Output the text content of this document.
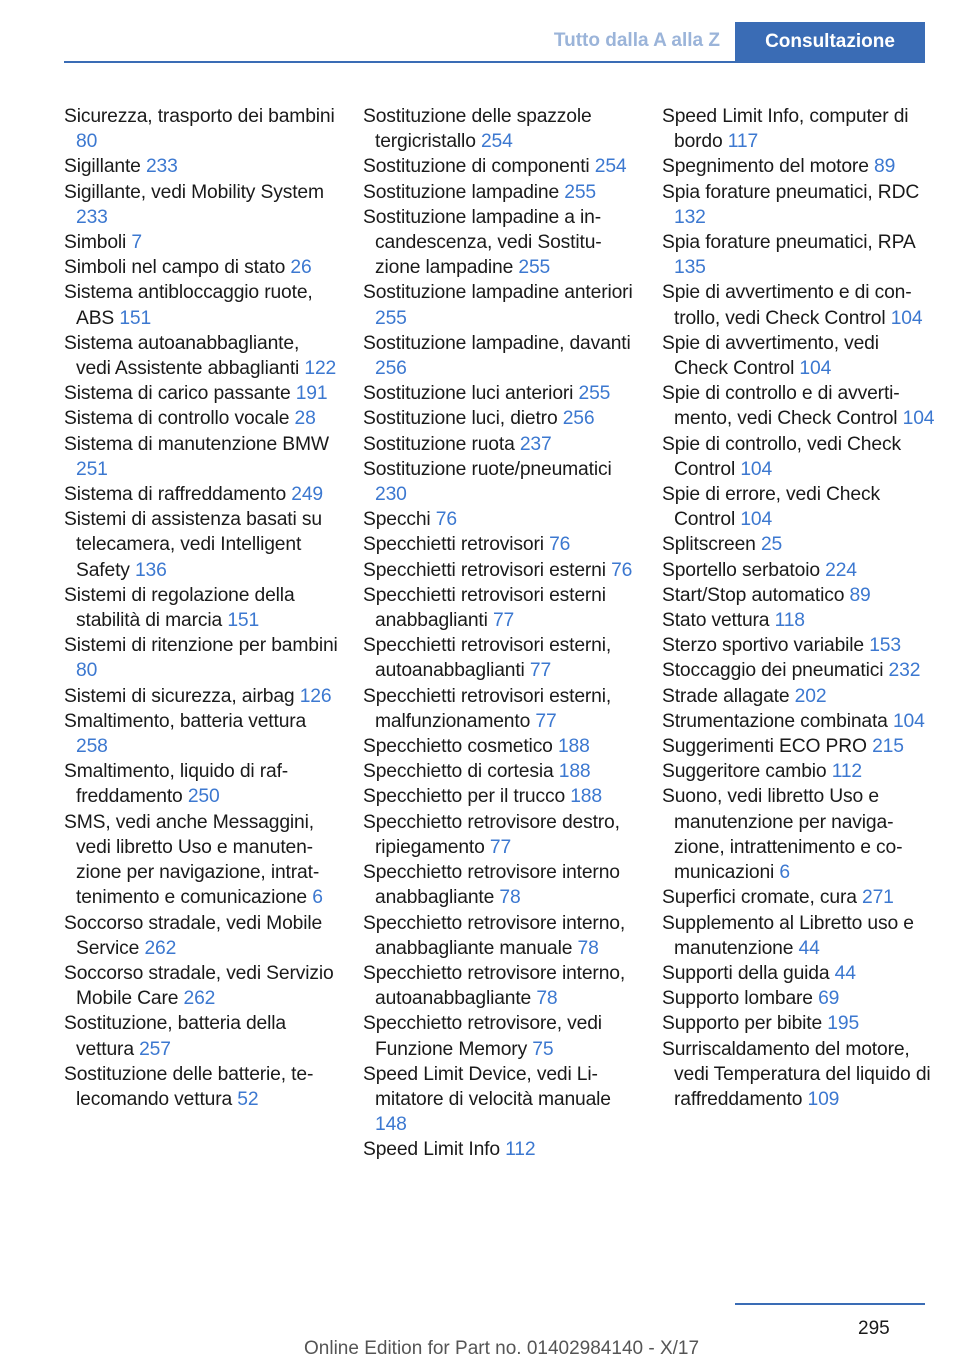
Tutto dalla A alla Z	Consultazione
Sicurezza, trasporto dei bambini 80
Sigillante 233
Sigillante, vedi Mobility System 233
Simboli 7
Simboli nel campo di stato 26
Sistema antibloccaggio ruote, ABS 151
Sistema autoanabbagliante, vedi Assistente abbaglianti 122
Sistema di carico passante 191
Sistema di controllo vocale 28
Sistema di manutenzione BMW 251
Sistema di raffreddamento 249
Sistemi di assistenza basati su telecamera, vedi Intelligent Safety 136
Sistemi di regolazione della stabilità di marcia 151
Sistemi di ritenzione per bambini 80
Sistemi di sicurezza, airbag 126
Smaltimento, batteria vettura 258
Smaltimento, liquido di raffreddamento 250
SMS, vedi anche Messaggini, vedi libretto Uso e manutenzione per navigazione, intrattenimento e comunicazione 6
Soccorso stradale, vedi Mobile Service 262
Soccorso stradale, vedi Servizio Mobile Care 262
Sostituzione, batteria della vettura 257
Sostituzione delle batterie, telecomando vettura 52
Sostituzione delle spazzole tergicristallo 254
Sostituzione di componenti 254
Sostituzione lampadine 255
Sostituzione lampadine a incandescenza, vedi Sostituzione lampadine 255
Sostituzione lampadine anteriori 255
Sostituzione lampadine, davanti 256
Sostituzione luci anteriori 255
Sostituzione luci, dietro 256
Sostituzione ruota 237
Sostituzione ruote/pneumatici 230
Specchi 76
Specchietti retrovisori 76
Specchietti retrovisori esterni 76
Specchietti retrovisori esterni anabbaglianti 77
Specchietti retrovisori esterni, autoanabbaglianti 77
Specchietti retrovisori esterni, malfunzionamento 77
Specchietto cosmetico 188
Specchietto di cortesia 188
Specchietto per il trucco 188
Specchietto retrovisore destro, ripiegamento 77
Specchietto retrovisore interno anabbagliante 78
Specchietto retrovisore interno, anabbagliante manuale 78
Specchietto retrovisore interno, autoanabbagliante 78
Specchietto retrovisore, vedi Funzione Memory 75
Speed Limit Device, vedi Limitatore di velocità manuale 148
Speed Limit Info 112
Speed Limit Info, computer di bordo 117
Spegnimento del motore 89
Spia forature pneumatici, RDC 132
Spia forature pneumatici, RPA 135
Spie di avvertimento e di controllo, vedi Check Control 104
Spie di avvertimento, vedi Check Control 104
Spie di controllo e di avvertimento, vedi Check Control 104
Spie di controllo, vedi Check Control 104
Spie di errore, vedi Check Control 104
Splitscreen 25
Sportello serbatoio 224
Start/Stop automatico 89
Stato vettura 118
Sterzo sportivo variabile 153
Stoccaggio dei pneumatici 232
Strade allagate 202
Strumentazione combinata 104
Suggerimenti ECO PRO 215
Suggeritore cambio 112
Suono, vedi libretto Uso e manutenzione per navigazione, intrattenimento e comunicazioni 6
Superfici cromate, cura 271
Supplemento al Libretto uso e manutenzione 44
Supporti della guida 44
Supporto lombare 69
Supporto per bibite 195
Surriscaldamento del motore, vedi Temperatura del liquido di raffreddamento 109
295
Online Edition for Part no. 01402984140 - X/17
